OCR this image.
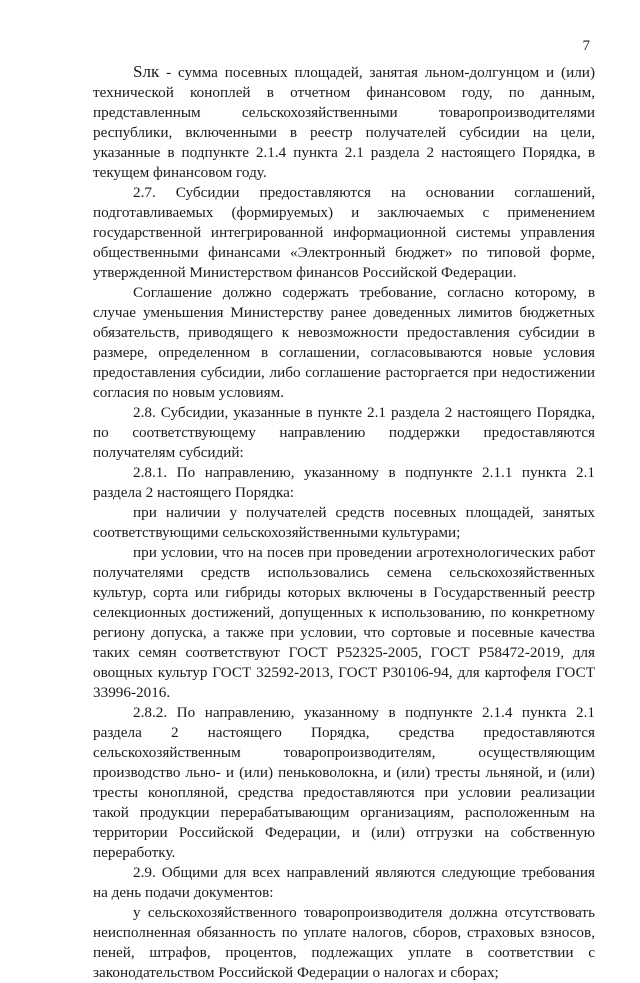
7

Sлк - сумма посевных площадей, занятая льном-долгунцом и (или) технической коноплей в отчетном финансовом году, по данным, представленным сельскохозяйственными товаропроизводителями республики, включенными в реестр получателей субсидии на цели, указанные в подпункте 2.1.4 пункта 2.1 раздела 2 настоящего Порядка, в текущем финансовом году.

2.7. Субсидии предоставляются на основании соглашений, подготавливаемых (формируемых) и заключаемых с применением государственной интегрированной информационной системы управления общественными финансами «Электронный бюджет» по типовой форме, утвержденной Министерством финансов Российской Федерации.

Соглашение должно содержать требование, согласно которому, в случае уменьшения Министерству ранее доведенных лимитов бюджетных обязательств, приводящего к невозможности предоставления субсидии в размере, определенном в соглашении, согласовываются новые условия предоставления субсидии, либо соглашение расторгается при недостижении согласия по новым условиям.

2.8. Субсидии, указанные в пункте 2.1 раздела 2 настоящего Порядка, по соответствующему направлению поддержки предоставляются получателям субсидий:

2.8.1. По направлению, указанному в подпункте 2.1.1 пункта 2.1 раздела 2 настоящего Порядка:

при наличии у получателей средств посевных площадей, занятых соответствующими сельскохозяйственными культурами;

при условии, что на посев при проведении агротехнологических работ получателями средств использовались семена сельскохозяйственных культур, сорта или гибриды которых включены в Государственный реестр селекционных достижений, допущенных к использованию, по конкретному региону допуска, а также при условии, что сортовые и посевные качества таких семян соответствуют ГОСТ Р52325-2005, ГОСТ Р58472-2019, для овощных культур ГОСТ 32592-2013, ГОСТ Р30106-94, для картофеля ГОСТ 33996-2016.

2.8.2. По направлению, указанному в подпункте 2.1.4 пункта 2.1 раздела 2 настоящего Порядка, средства предоставляются сельскохозяйственным товаропроизводителям, осуществляющим производство льно- и (или) пеньковолокна, и (или) тресты льняной, и (или) тресты конопляной, средства предоставляются при условии реализации такой продукции перерабатывающим организациям, расположенным на территории Российской Федерации, и (или) отгрузки на собственную переработку.

2.9. Общими для всех направлений являются следующие требования на день подачи документов:

у сельскохозяйственного товаропроизводителя должна отсутствовать неисполненная обязанность по уплате налогов, сборов, страховых взносов, пеней, штрафов, процентов, подлежащих уплате в соответствии с законодательством Российской Федерации о налогах и сборах;
